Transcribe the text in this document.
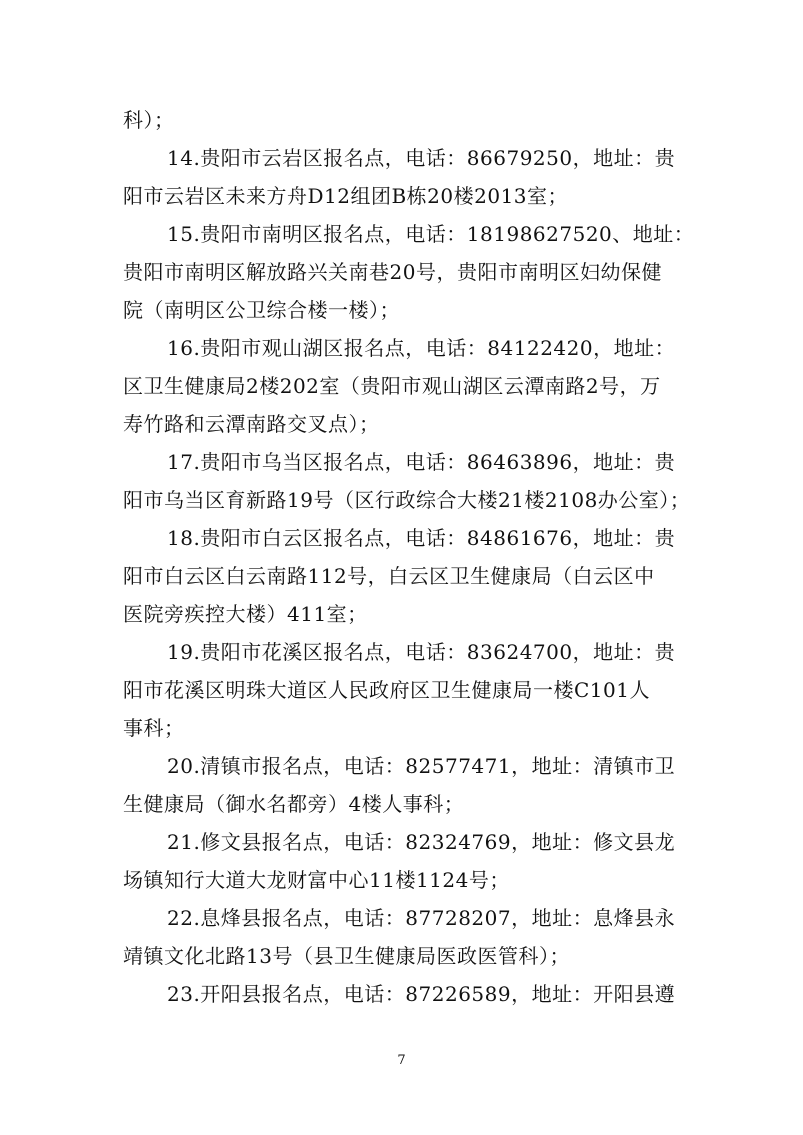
科）；
14.贵阳市云岩区报名点，电话：86679250，地址：贵
阳市云岩区未来方舟D12组团B栋20楼2013室；
15.贵阳市南明区报名点，电话：18198627520、地址：
贵阳市南明区解放路兴关南巷20号，贵阳市南明区妇幼保健
院（南明区公卫综合楼一楼）；
16.贵阳市观山湖区报名点，电话：84122420，地址：
区卫生健康局2楼202室（贵阳市观山湖区云潭南路2号，万
寿竹路和云潭南路交叉点）；
17.贵阳市乌当区报名点，电话：86463896，地址：贵
阳市乌当区育新路19号（区行政综合大楼21楼2108办公室）；
18.贵阳市白云区报名点，电话：84861676，地址：贵
阳市白云区白云南路112号，白云区卫生健康局（白云区中
医院旁疾控大楼）411室；
19.贵阳市花溪区报名点，电话：83624700，地址：贵
阳市花溪区明珠大道区人民政府区卫生健康局一楼C101人
事科；
20.清镇市报名点，电话：82577471，地址：清镇市卫
生健康局（御水名都旁）4楼人事科；
21.修文县报名点，电话：82324769，地址：修文县龙
场镇知行大道大龙财富中心11楼1124号；
22.息烽县报名点，电话：87728207，地址：息烽县永
靖镇文化北路13号（县卫生健康局医政医管科）；
23.开阳县报名点，电话：87226589，地址：开阳县遵
7
